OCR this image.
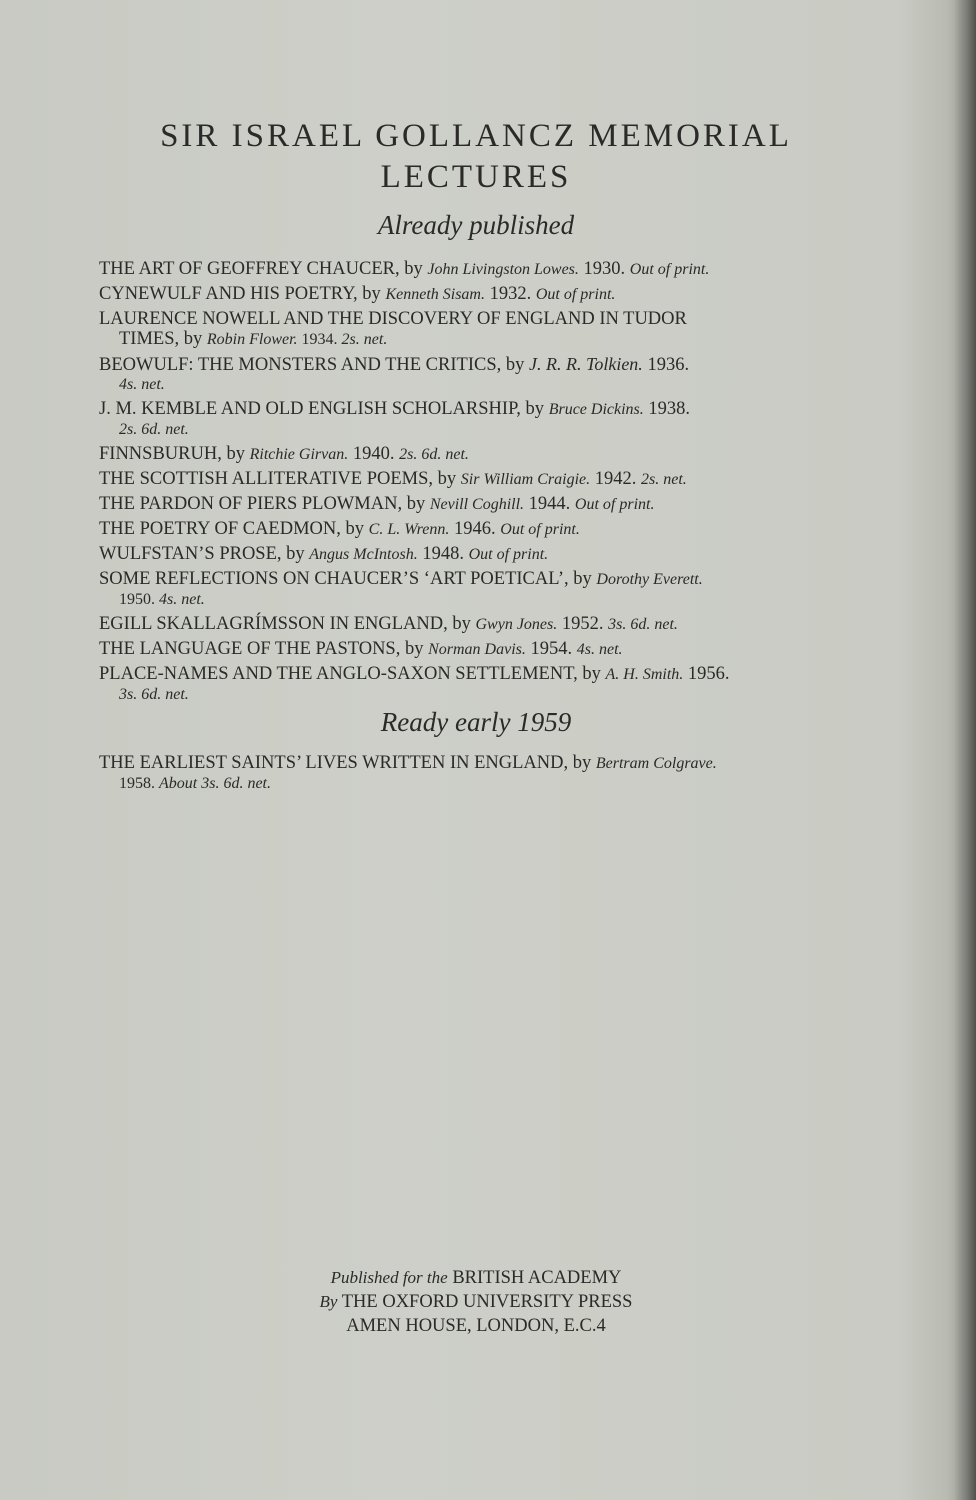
SIR ISRAEL GOLLANCZ MEMORIAL
LECTURES
Already published
THE ART OF GEOFFREY CHAUCER, by John Livingston Lowes. 1930. Out of print.
CYNEWULF AND HIS POETRY, by Kenneth Sisam. 1932. Out of print.
LAURENCE NOWELL AND THE DISCOVERY OF ENGLAND IN TUDOR
TIMES, by Robin Flower. 1934. 2s. net.
BEOWULF: THE MONSTERS AND THE CRITICS, by J. R. R. Tolkien. 1936.
4s. net.
J. M. KEMBLE AND OLD ENGLISH SCHOLARSHIP, by Bruce Dickins. 1938.
2s. 6d. net.
FINNSBURUH, by Ritchie Girvan. 1940. 2s. 6d. net.
THE SCOTTISH ALLITERATIVE POEMS, by Sir William Craigie. 1942. 2s. net.
THE PARDON OF PIERS PLOWMAN, by Nevill Coghill. 1944. Out of print.
THE POETRY OF CAEDMON, by C. L. Wrenn. 1946. Out of print.
WULFSTAN’S PROSE, by Angus McIntosh. 1948. Out of print.
SOME REFLECTIONS ON CHAUCER’S ‘ART POETICAL’, by Dorothy Everett.
1950. 4s. net.
EGILL SKALLAGRÍMSSON IN ENGLAND, by Gwyn Jones. 1952. 3s. 6d. net.
THE LANGUAGE OF THE PASTONS, by Norman Davis. 1954. 4s. net.
PLACE-NAMES AND THE ANGLO-SAXON SETTLEMENT, by A. H. Smith. 1956.
3s. 6d. net.
Ready early 1959
THE EARLIEST SAINTS’ LIVES WRITTEN IN ENGLAND, by Bertram Colgrave.
1958. About 3s. 6d. net.
Published for the BRITISH ACADEMY
By THE OXFORD UNIVERSITY PRESS
AMEN HOUSE, LONDON, E.C.4
